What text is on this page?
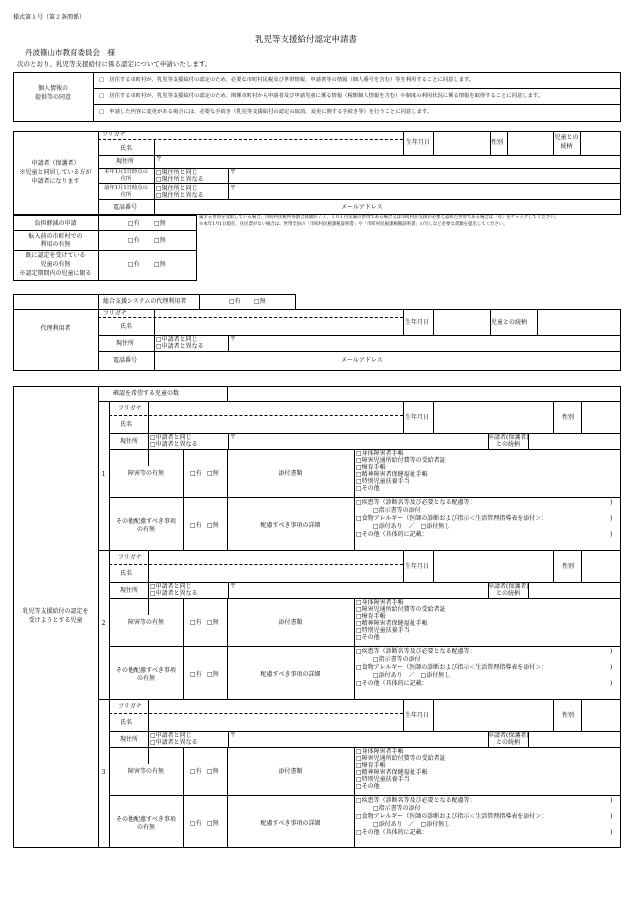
様式第１号（第２条関係）
乳児等支援給付認定申請書
丹波篠山市教育委員会　様
次のとおり、乳児等支援給付に係る認定について申請いたします。
個人情報の
提供等の同意
□　居住する市町村が、乳児等支援給付の認定のため、必要な市町村民税及び世帯情報、申請書等の情報（個人番号を含む）等を利用することに同意します。
□　居住する市町村が、乳児等支援給付の認定のため、関係市町村から申請者及び申請児童に係る情報（税額個人情報を含む）や制度の利用状況に係る情報を取得することに同意します。
□　申請した内容に変更がある場合には、必要な手続き（乳児等支援給付の認定の取消、変更に関する手続き等）を行うことに同意します。
申請者（保護者）
※児童と同居している方が
申請者になります
フリガナ
氏名
生年月日	性別
児童との
続柄
現住所	〒
本年1月1日時点の
住所
□現住所と同じ
□現住所と異なる
〒
前年1月1日時点の
住所
□現住所と同じ
□現住所と異なる
〒
電話番号	メールアドレス
負担軽減の申請	□有 □無
属する世帯を受給している場合、市町村民税所得割合算額が７７，１０１円未満の世帯である場合又は市町村が支援が必要と認めた世帯である場合は「有」をチェックしてください。
※本年1月1日現在、住民票がない場合は、世帯全員の「市町村民税課税証明書」や「市町村民税課税額証明書」の写しなど必要な書類を提出してください。
転入前の市町村での
利用の有無
□有 □無
既に認定を受けている
児童の有無
※認定期間内の児童に限る
□有 □無
代理利用者
総合支援システムの代理利用者	□有 □無
フリガナ
氏名
生年月日	児童との続柄
現住所
□申請者と同じ
□申請者と異なる
〒
電話番号	メールアドレス
乳児等支援給付の認定を
受けようとする児童
確認を希望する児童の数
1
フリガナ
氏名
生年月日	性別
現住所
□申請者と同じ
□申請者と異なる
〒	申請者(保護者)
との続柄
障害等の有無	□有 □無	添付書類
□身体障害者手帳
□障害児通所給付費等の受給者証
□療育手帳
□精神障害者保健福祉手帳
□特別児童扶養手当
□その他
その他配慮すべき事項
の有無
□有 □無	配慮すべき事項の詳細
□疾患等（診断名等及び必要となる配慮等：	)
□指示書等の添付
□食物アレルギー（医師の診断および指示＜生活管理指導表を添付＞：	)
□添付あり　／　□添付無し
□その他（具体的に記載：	)
2
フリガナ
氏名
生年月日	性別
現住所
□申請者と同じ
□申請者と異なる
〒	申請者(保護者)
との続柄
障害等の有無	□有 □無	添付書類
□身体障害者手帳
□障害児通所給付費等の受給者証
□療育手帳
□精神障害者保健福祉手帳
□特別児童扶養手当
□その他
その他配慮すべき事項
の有無
□有 □無	配慮すべき事項の詳細
□疾患等（診断名等及び必要となる配慮等：	)
□指示書等の添付
□食物アレルギー（医師の診断および指示＜生活管理指導表を添付＞：	)
□添付あり　／　□添付無し
□その他（具体的に記載：	)
3
フリガナ
氏名
生年月日	性別
現住所
□申請者と同じ
□申請者と異なる
〒	申請者(保護者)
との続柄
障害等の有無	□有 □無	添付書類
□身体障害者手帳
□障害児通所給付費等の受給者証
□療育手帳
□精神障害者保健福祉手帳
□特別児童扶養手当
□その他
その他配慮すべき事項
の有無
□有 □無	配慮すべき事項の詳細
□疾患等（診断名等及び必要となる配慮等：	)
□指示書等の添付
□食物アレルギー（医師の診断および指示＜生活管理指導表を添付＞：	)
□添付あり　／　□添付無し
□その他（具体的に記載：	)
